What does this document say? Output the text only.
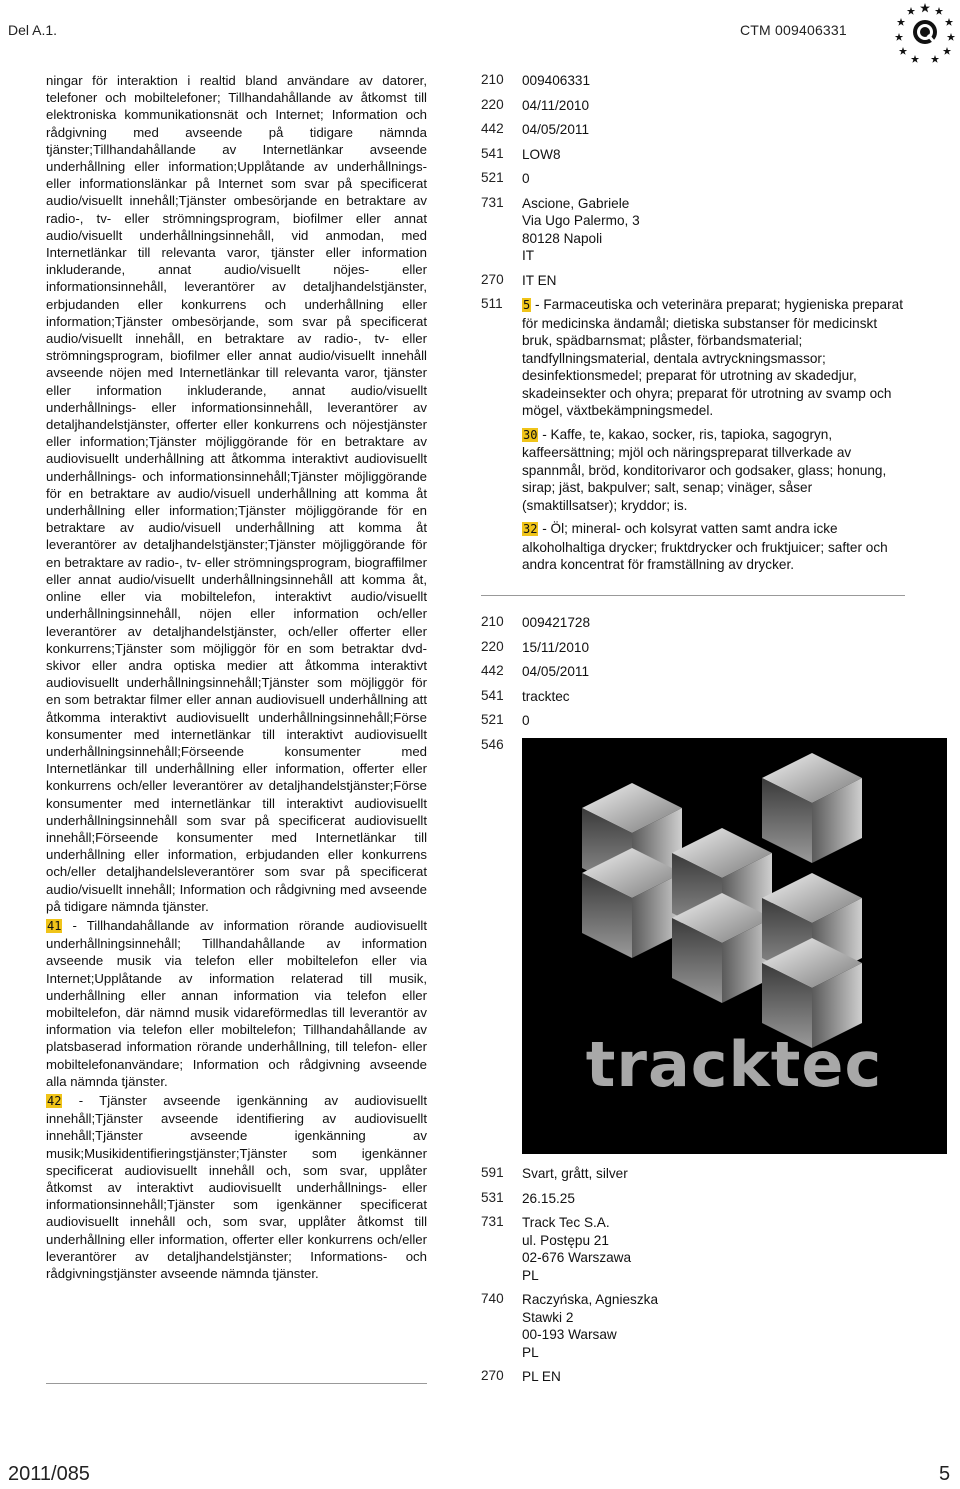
Del A.1.	CTM 009406331

ningar för interaktion i realtid bland användare av datorer, telefoner och mobiltelefoner; Tillhandahållande av åtkomst till elektroniska kommunikationsnät och Internet; Information och rådgivning med avseende på tidigare nämnda tjänster;Tillhandahållande av Internetlänkar avseende underhållning eller information;Upplåtande av underhållnings- eller informationslänkar på Internet som svar på specificerat audio/visuellt innehåll;Tjänster ombesörjande en betraktare av radio-, tv- eller strömningsprogram, biofilmer eller annat audio/visuellt underhållningsinnehåll, vid anmodan, med Internetlänkar till relevanta varor, tjänster eller information inkluderande, annat audio/visuellt nöjes- eller informationsinnehåll, leverantörer av detaljhandelstjänster, erbjudanden eller konkurrens och underhållning eller information;Tjänster ombesörjande, som svar på specificerat audio/visuellt innehåll, en betraktare av radio-, tv- eller strömningsprogram, biofilmer eller annat audio/visuellt innehåll avseende nöjen med Internetlänkar till relevanta varor, tjänster eller information inkluderande, annat audio/visuellt underhållnings- eller informationsinnehåll, leverantörer av detaljhandelstjänster, offerter eller konkurrens och nöjestjänster eller information;Tjänster möjliggörande för en betraktare av audiovisuellt underhållning att åtkomma interaktivt audiovisuellt underhållnings- och informationsinnehåll;Tjänster möjliggörande för en betraktare av audio/visuell underhållning att komma åt underhållning eller information;Tjänster möjliggörande för en betraktare av audio/visuell underhållning att komma åt leverantörer av detaljhandelstjänster;Tjänster möjliggörande för en betraktare av radio-, tv- eller strömningsprogram, biograffilmer eller annat audio/visuellt underhållningsinnehåll att komma åt, online eller via mobiltelefon, interaktivt audio/visuellt underhållningsinnehåll, nöjen eller information och/eller leverantörer av detaljhandelstjänster, och/eller offerter eller konkurrens;Tjänster som möjliggör för en som betraktar dvd-skivor eller andra optiska medier att åtkomma interaktivt audiovisuellt underhållningsinnehåll;Tjänster som möjliggör för en som betraktar filmer eller annan audiovisuell underhållning att åtkomma interaktivt audiovisuellt underhållningsinnehåll;Förse konsumenter med internetlänkar till interaktivt audiovisuellt underhållningsinnehåll;Förseende konsumenter med Internetlänkar till underhållning eller information, offerter eller konkurrens och/eller leverantörer av detaljhandelstjänster;Förse konsumenter med internetlänkar till interaktivt audiovisuellt underhållningsinnehåll som svar på specificerat audiovisuellt innehåll;Förseende konsumenter med Internetlänkar till underhållning eller information, erbjudanden eller konkurrens och/eller detaljhandelsleverantörer som svar på specificerat audio/visuellt innehåll; Information och rådgivning med avseende på tidigare nämnda tjänster.

41 - Tillhandahållande av information rörande audiovisuellt underhållningsinnehåll; Tillhandahållande av information avseende musik via telefon eller mobiltelefon eller via Internet;Upplåtande av information relaterad till musik, underhållning eller annan information via telefon eller mobiltelefon, där nämnd musik vidareförmedlas till leverantör av information via telefon eller mobiltelefon; Tillhandahållande av platsbaserad information rörande underhållning, till telefon- eller mobiltelefonanvändare; Information och rådgivning avseende alla nämnda tjänster.

42 - Tjänster avseende igenkänning av audiovisuellt innehåll;Tjänster avseende identifiering av audiovisuellt innehåll;Tjänster avseende igenkänning av musik;Musikidentifieringstjänster;Tjänster som igenkänner specificerat audiovisuellt innehåll och, som svar, upplåter åtkomst av interaktivt audiovisuellt underhållnings- eller informationsinnehåll;Tjänster som igenkänner specificerat audiovisuellt innehåll och, som svar, upplåter åtkomst till underhållning eller information, offerter eller konkurrens och/eller leverantörer av detaljhandelstjänster; Informations- och rådgivningstjänster avseende nämnda tjänster.

210	009406331
220	04/11/2010
442	04/05/2011
541	LOW8
521	0
731	Ascione, Gabriele
Via Ugo Palermo, 3
80128 Napoli
IT
270	IT EN
511	5 - Farmaceutiska och veterinära preparat; hygieniska preparat för medicinska ändamål; dietiska substanser för medicinskt bruk, spädbarnsmat; plåster, förbandsmaterial; tandfyllningsmaterial, dentala avtryckningsmassor; desinfektionsmedel; preparat för utrotning av skadedjur, skadeinsekter och ohyra; preparat för utrotning av svamp och mögel, växtbekämpningsmedel.

30 - Kaffe, te, kakao, socker, ris, tapioka, sagogryn, kaffeersättning; mjöl och näringspreparat tillverkade av spannmål, bröd, konditorivaror och godsaker, glass; honung, sirap; jäst, bakpulver; salt, senap; vinäger, såser (smaktillsatser); kryddor; is.

32 - Öl; mineral- och kolsyrat vatten samt andra icke alkoholhaltiga drycker; fruktdrycker och fruktjuicer; safter och andra koncentrat för framställning av drycker.

210	009421728
220	15/11/2010
442	04/05/2011
541	tracktec
521	0
546
tracktec
591	Svart, grått, silver
531	26.15.25
731	Track Tec S.A.
ul. Postępu 21
02-676 Warszawa
PL
740	Raczyńska, Agnieszka
Stawki 2
00-193 Warsaw
PL
270	PL EN
2011/085	5
